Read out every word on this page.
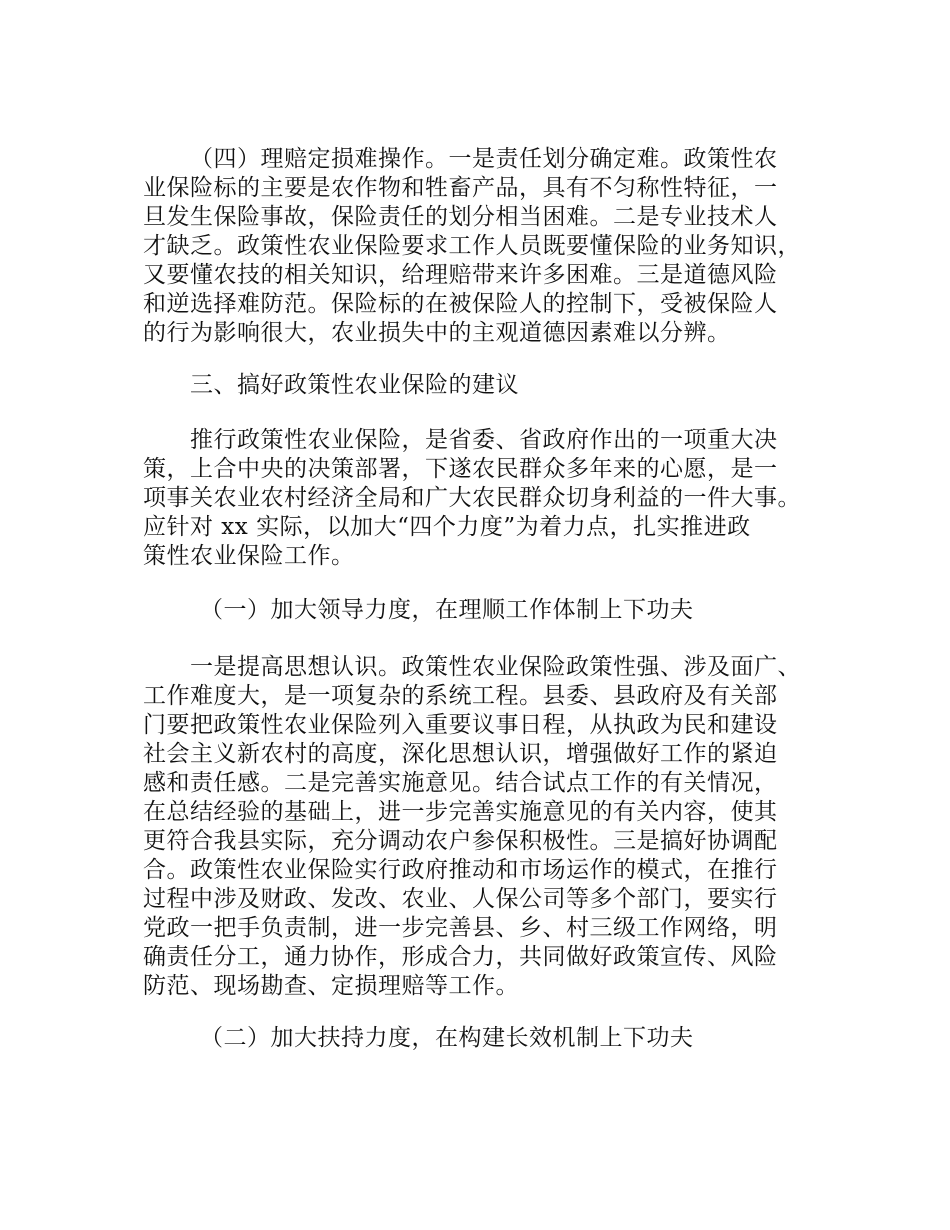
（四）理赔定损难操作。一是责任划分确定难。政策性农

业保险标的主要是农作物和牲畜产品，具有不匀称性特征，一

旦发生保险事故，保险责任的划分相当困难。二是专业技术人

才缺乏。政策性农业保险要求工作人员既要懂保险的业务知识，

又要懂农技的相关知识，给理赔带来许多困难。三是道德风险

和逆选择难防范。保险标的在被保险人的控制下，受被保险人

的行为影响很大，农业损失中的主观道德因素难以分辨。

三、搞好政策性农业保险的建议

推行政策性农业保险，是省委、省政府作出的一项重大决

策，上合中央的决策部署，下遂农民群众多年来的心愿，是一

项事关农业农村经济全局和广大农民群众切身利益的一件大事。

应针对 xx 实际，以加大“四个力度”为着力点，扎实推进政

策性农业保险工作。

（一）加大领导力度，在理顺工作体制上下功夫

一是提高思想认识。政策性农业保险政策性强、涉及面广、

工作难度大，是一项复杂的系统工程。县委、县政府及有关部

门要把政策性农业保险列入重要议事日程，从执政为民和建设

社会主义新农村的高度，深化思想认识，增强做好工作的紧迫

感和责任感。二是完善实施意见。结合试点工作的有关情况，

在总结经验的基础上，进一步完善实施意见的有关内容，使其

更符合我县实际，充分调动农户参保积极性。三是搞好协调配

合。政策性农业保险实行政府推动和市场运作的模式，在推行

过程中涉及财政、发改、农业、人保公司等多个部门，要实行

党政一把手负责制，进一步完善县、乡、村三级工作网络，明

确责任分工，通力协作，形成合力，共同做好政策宣传、风险

防范、现场勘查、定损理赔等工作。

（二）加大扶持力度，在构建长效机制上下功夫
